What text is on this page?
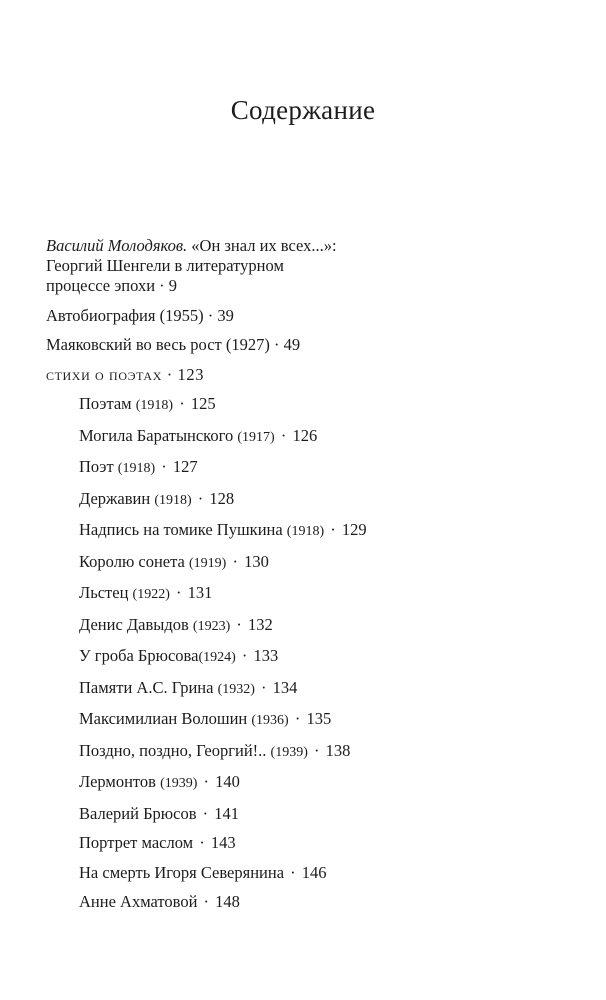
Содержание
Василий Молодяков. «Он знал их всех...»:
Георгий Шенгели в литературном
процессе эпохи · 9
Автобиография (1955) · 39
Маяковский во весь рост (1927) · 49
стихи о поэтах · 123
Поэтам (1918) · 125
Могила Баратынского (1917) · 126
Поэт (1918) · 127
Державин (1918) · 128
Надпись на томике Пушкина (1918) · 129
Королю сонета (1919) · 130
Льстец (1922) · 131
Денис Давыдов (1923) · 132
У гроба Брюсова(1924) · 133
Памяти А.С. Грина (1932) · 134
Максимилиан Волошин (1936) · 135
Поздно, поздно, Георгий!.. (1939) · 138
Лермонтов (1939) · 140
Валерий Брюсов · 141
Портрет маслом · 143
На смерть Игоря Северянина · 146
Анне Ахматовой · 148
